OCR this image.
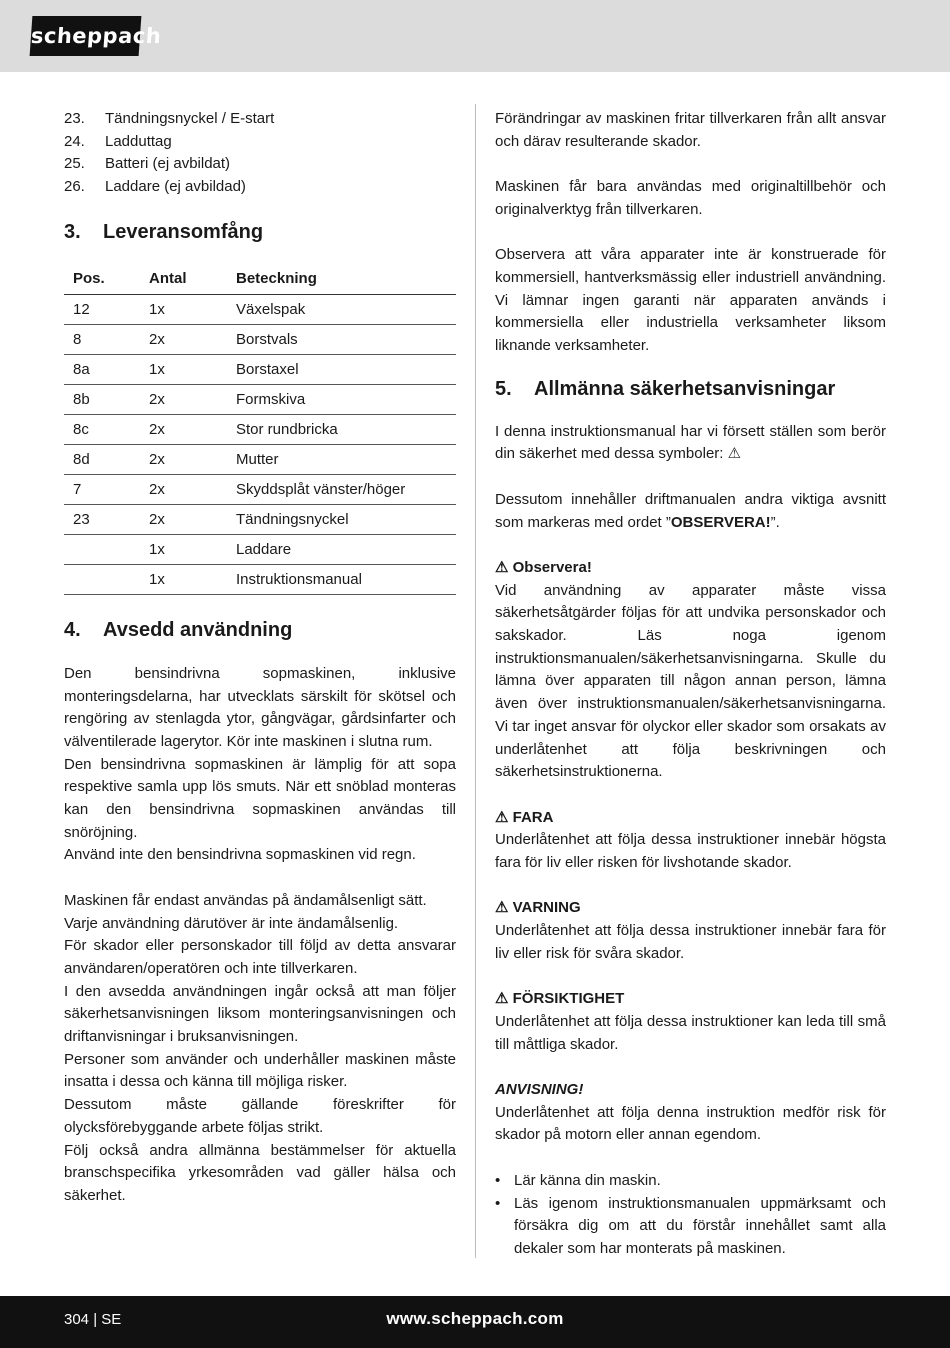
scheppach
23.	Tändningsnyckel / E-start
24.	Ladduttag
25.	Batteri (ej avbildat)
26.	Laddare (ej avbildad)
3.	Leveransomfång
Pos.	Antal	Beteckning
12	1x	Växelspak
8	2x	Borstvals
8a	1x	Borstaxel
8b	2x	Formskiva
8c	2x	Stor rundbricka
8d	2x	Mutter
7	2x	Skyddsplåt vänster/höger
23	2x	Tändningsnyckel
	1x	Laddare
	1x	Instruktionsmanual
4.	Avsedd användning

Den bensindrivna sopmaskinen, inklusive monteringsdelarna, har utvecklats särskilt för skötsel och rengöring av stenlagda ytor, gångvägar, gårdsinfarter och välventilerade lagerytor. Kör inte maskinen i slutna rum.

Den bensindrivna sopmaskinen är lämplig för att sopa respektive samla upp lös smuts. När ett snöblad monteras kan den bensindrivna sopmaskinen användas till snöröjning.

Använd inte den bensindrivna sopmaskinen vid regn.

Maskinen får endast användas på ändamålsenligt sätt.

Varje användning därutöver är inte ändamålsenlig.

För skador eller personskador till följd av detta ansvarar användaren/operatören och inte tillverkaren.

I den avsedda användningen ingår också att man följer säkerhetsanvisningen liksom monteringsanvisningen och driftanvisningar i bruksanvisningen.

Personer som använder och underhåller maskinen måste insatta i dessa och känna till möjliga risker.

Dessutom måste gällande föreskrifter för olycksförebyggande arbete följas strikt.

Följ också andra allmänna bestämmelser för aktuella branschspecifika yrkesområden vad gäller hälsa och säkerhet.

Förändringar av maskinen fritar tillverkaren från allt ansvar och därav resulterande skador.

Maskinen får bara användas med originaltillbehör och originalverktyg från tillverkaren.

Observera att våra apparater inte är konstruerade för kommersiell, hantverksmässig eller industriell användning. Vi lämnar ingen garanti när apparaten används i kommersiella eller industriella verksamheter liksom liknande verksamheter.

5.	Allmänna säkerhetsanvisningar

I denna instruktionsmanual har vi försett ställen som berör din säkerhet med dessa symboler: ⚠

Dessutom innehåller driftmanualen andra viktiga avsnitt som markeras med ordet ”OBSERVERA!”.

⚠ Observera!

Vid användning av apparater måste vissa säkerhetsåtgärder följas för att undvika personskador och sakskador. Läs noga igenom instruktionsmanualen/säkerhetsanvisningarna. Skulle du lämna över apparaten till någon annan person, lämna även över instruktionsmanualen/säkerhetsanvisningarna. Vi tar inget ansvar för olyckor eller skador som orsakats av underlåtenhet att följa beskrivningen och säkerhetsinstruktionerna.

⚠ FARA

Underlåtenhet att följa dessa instruktioner innebär högsta fara för liv eller risken för livshotande skador.

⚠ VARNING

Underlåtenhet att följa dessa instruktioner innebär fara för liv eller risk för svåra skador.

⚠ FÖRSIKTIGHET

Underlåtenhet att följa dessa instruktioner kan leda till små till måttliga skador.

ANVISNING!

Underlåtenhet att följa denna instruktion medför risk för skador på motorn eller annan egendom.

• Lär känna din maskin.
• Läs igenom instruktionsmanualen uppmärksamt och försäkra dig om att du förstår innehållet samt alla dekaler som har monterats på maskinen.
304 | SE	www.scheppach.com
